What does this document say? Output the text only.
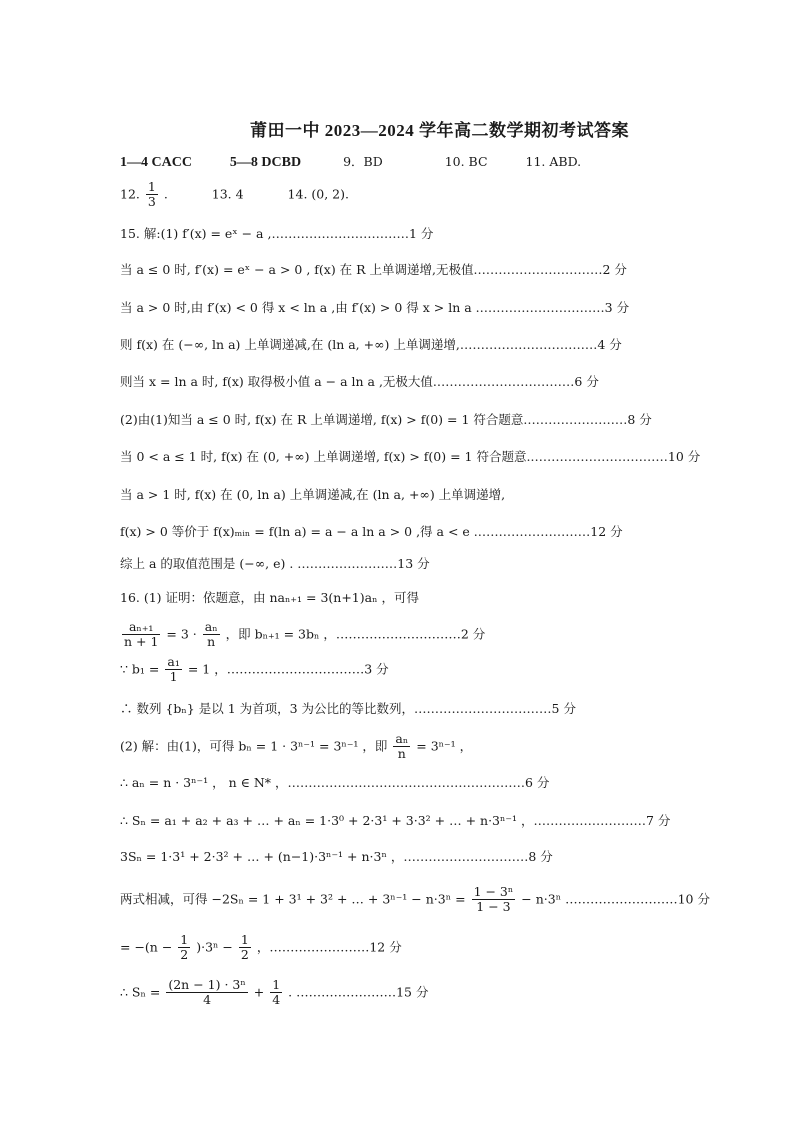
莆田一中 2023—2024 学年高二数学期初考试答案
1—4 CACC	5—8 DCBD	9．BD	10. BC	11. ABD.
12. $\frac{1}{3}$ .	13. 4	14. (0, 2).
15. 解:(1) f′(x) = eˣ − a ,……………………………1 分
当 a ≤ 0 时, f′(x) = eˣ − a > 0 , f(x) 在 R 上单调递增,无极值.…………………………2 分
当 a > 0 时,由 f′(x) < 0 得 x < ln a ,由 f′(x) > 0 得 x > ln a .…………………………3 分
则 f(x) 在 (−∞, ln a) 上单调递减,在 (ln a, +∞) 上单调递增,……………………………4 分
则当 x = ln a 时, f(x) 取得极小值 a − a ln a ,无极大值.……………………………6 分
(2)由(1)知当 a ≤ 0 时, f(x) 在 R 上单调递增, f(x) > f(0) = 1 符合题意.……………………8 分
当 0 < a ≤ 1 时, f(x) 在 (0, +∞) 上单调递增, f(x) > f(0) = 1 符合题意.……………………………10 分
当 a > 1 时, f(x) 在 (0, ln a) 上单调递减,在 (ln a, +∞) 上单调递增,
f(x) > 0 等价于 f(x)ₘᵢₙ = f(ln a) = a − a ln a > 0 ,得 a < e .………………………12 分
综上 a 的取值范围是 (−∞, e) . ……………………13 分
16. (1) 证明：依题意，由 naₙ₊₁ = 3(n+1)aₙ ，可得
$\frac{\text{aₙ₊₁}}{n + 1} = 3 \cdot \frac{\text{aₙ}}{n}$ ，即 bₙ₊₁ = 3bₙ ，…………………………2 分
∵ $b_1 = \frac{\text{a₁}}{1} = 1$ ，……………………………3 分
∴ 数列 {bₙ} 是以 1 为首项，3 为公比的等比数列，……………………………5 分
(2) 解：由(1)，可得 bₙ = 1 · 3ⁿ⁻¹ = 3ⁿ⁻¹ ，即 $\frac{\text{aₙ}}{n} = 3^{n-1}$ ，
∴ aₙ = n · 3ⁿ⁻¹ ， n ∈ N* ，…………………………………………………6 分
∴ Sₙ = a₁ + a₂ + a₃ + … + aₙ = 1·3⁰ + 2·3¹ + 3·3² + … + n·3ⁿ⁻¹ ，………………………7 分
3Sₙ = 1·3¹ + 2·3² + … + (n−1)·3ⁿ⁻¹ + n·3ⁿ ，…………………………8 分
两式相减，可得 −2Sₙ = 1 + 3¹ + 3² + … + $3^{n-1} - n\cdot 3^n = \frac{\text{1 − 3ⁿ}}{1 - 3} - n\cdot 3^n$ ………………………10 分
= $-(n - \frac{1}{2} )\cdot 3^n - \frac{1}{2}$ ，……………………12 分
∴ $S_n = \frac{\text{(2n − 1) · 3ⁿ}}{4} + \frac{1}{4}$ . ……………………15 分
